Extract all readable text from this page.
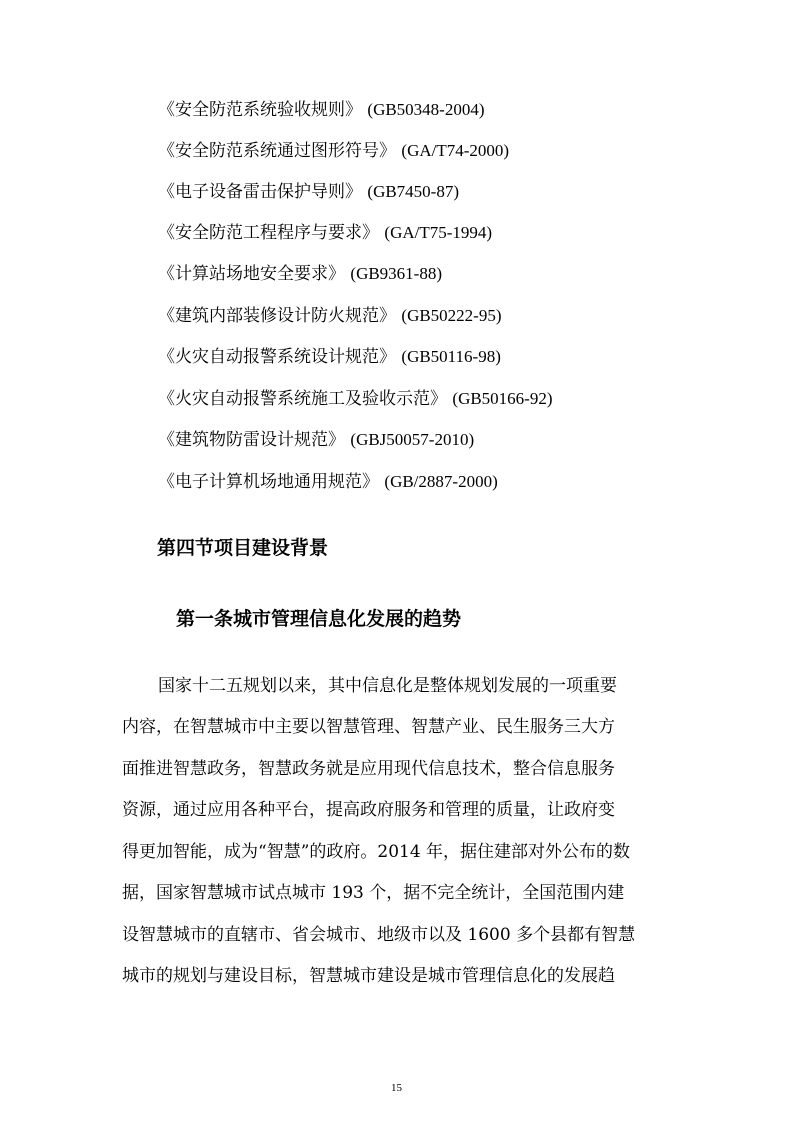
《安全防范系统验收规则》 (GB50348-2004)
《安全防范系统通过图形符号》 (GA/T74-2000)
《电子设备雷击保护导则》 (GB7450-87)
《安全防范工程程序与要求》 (GA/T75-1994)
《计算站场地安全要求》 (GB9361-88)
《建筑内部装修设计防火规范》 (GB50222-95)
《火灾自动报警系统设计规范》 (GB50116-98)
《火灾自动报警系统施工及验收示范》 (GB50166-92)
《建筑物防雷设计规范》 (GBJ50057-2010)
《电子计算机场地通用规范》 (GB/2887-2000)
第四节项目建设背景
第一条城市管理信息化发展的趋势
国家十二五规划以来，其中信息化是整体规划发展的一项重要
内容，在智慧城市中主要以智慧管理、智慧产业、民生服务三大方
面推进智慧政务，智慧政务就是应用现代信息技术，整合信息服务
资源，通过应用各种平台，提高政府服务和管理的质量，让政府变
得更加智能，成为“智慧”的政府。2014 年，据住建部对外公布的数
据，国家智慧城市试点城市 193 个，据不完全统计，全国范围内建
设智慧城市的直辖市、省会城市、地级市以及 1600 多个县都有智慧
城市的规划与建设目标，智慧城市建设是城市管理信息化的发展趋
15
